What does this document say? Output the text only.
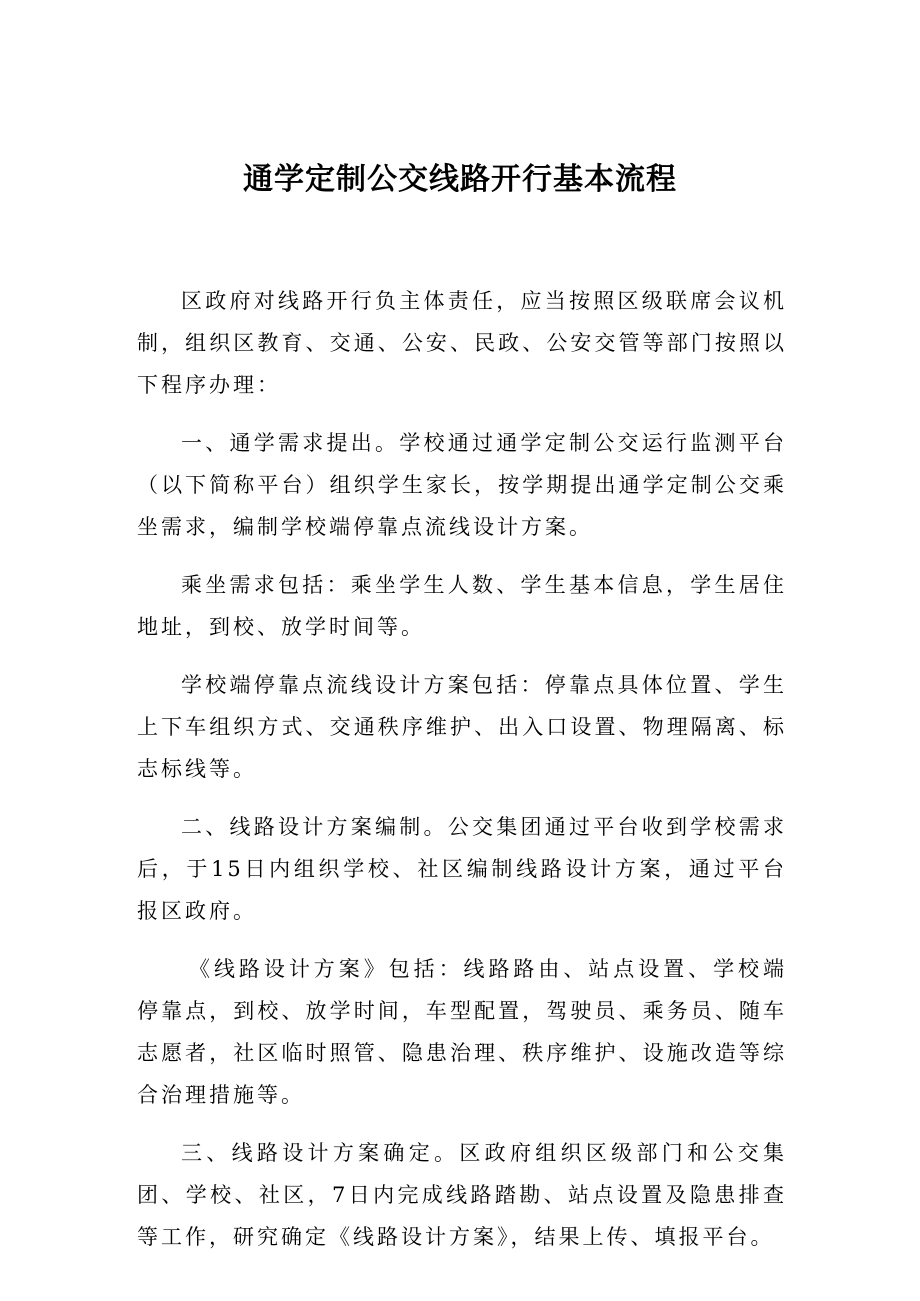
通学定制公交线路开行基本流程

区政府对线路开行负主体责任，应当按照区级联席会议机制，组织区教育、交通、公安、民政、公安交管等部门按照以下程序办理：

一、通学需求提出。学校通过通学定制公交运行监测平台（以下简称平台）组织学生家长，按学期提出通学定制公交乘坐需求，编制学校端停靠点流线设计方案。

乘坐需求包括：乘坐学生人数、学生基本信息，学生居住地址，到校、放学时间等。

学校端停靠点流线设计方案包括：停靠点具体位置、学生上下车组织方式、交通秩序维护、出入口设置、物理隔离、标志标线等。

二、线路设计方案编制。公交集团通过平台收到学校需求后，于15日内组织学校、社区编制线路设计方案，通过平台报区政府。

《线路设计方案》包括：线路路由、站点设置、学校端停靠点，到校、放学时间，车型配置，驾驶员、乘务员、随车志愿者，社区临时照管、隐患治理、秩序维护、设施改造等综合治理措施等。

三、线路设计方案确定。区政府组织区级部门和公交集团、学校、社区，7日内完成线路踏勘、站点设置及隐患排查等工作，研究确定《线路设计方案》，结果上传、填报平台。
